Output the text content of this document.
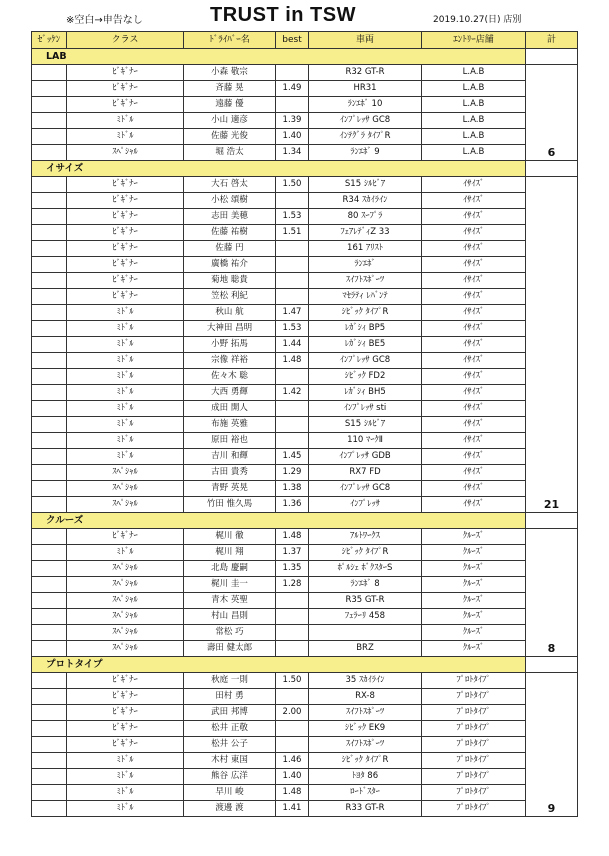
※空白→申告なし	TRUST in TSW	2019.10.27(日) 店別
ｾﾞｯｹﾝ	クラス	ﾄﾞﾗｲﾊﾞｰ名	best	車両	ｴﾝﾄﾘｰ店舗	計
LAB						
	ﾋﾞｷﾞﾅｰ	小森 敬宗		R32 GT-R	L.A.B	6
	ﾋﾞｷﾞﾅｰ	斉藤 晃	1.49	HR31	L.A.B	
	ﾋﾞｷﾞﾅｰ	遠藤 優		ﾗﾝｴﾎﾞ 10	L.A.B	
	ﾐﾄﾞﾙ	小山 適彦	1.39	ｲﾝﾌﾟﾚｯｻ GC8	L.A.B	
	ﾐﾄﾞﾙ	佐藤 光俊	1.40	ｲﾝﾃｸﾞﾗ ﾀｲﾌﾟR	L.A.B	
	ｽﾍﾟｼｬﾙ	堀 浩太	1.34	ﾗﾝｴﾎﾞ 9	L.A.B	
イサイズ						
	ﾋﾞｷﾞﾅｰ	大石 啓太	1.50	S15 ｼﾙﾋﾞｱ	ｲｻｲｽﾞ	21
	ﾋﾞｷﾞﾅｰ	小松 頌樹		R34 ｽｶｲﾗｲﾝ	ｲｻｲｽﾞ	
	ﾋﾞｷﾞﾅｰ	志田 美穂	1.53	80 ｽｰﾌﾟﾗ	ｲｻｲｽﾞ	
	ﾋﾞｷﾞﾅｰ	佐藤 祐樹	1.51	ﾌｪｱﾚﾃﾞｨZ 33	ｲｻｲｽﾞ	
	ﾋﾞｷﾞﾅｰ	佐藤 円		161 ｱﾘｽﾄ	ｲｻｲｽﾞ	
	ﾋﾞｷﾞﾅｰ	廣橋 祐介		ﾗﾝｴﾎﾞ	ｲｻｲｽﾞ	
	ﾋﾞｷﾞﾅｰ	菊地 聡貴		ｽｲﾌﾄｽﾎﾟｰﾂ	ｲｻｲｽﾞ	
	ﾋﾞｷﾞﾅｰ	笠松 利紀		ﾏｾﾗﾃｨ ﾚﾊﾞﾝﾃ	ｲｻｲｽﾞ	
	ﾐﾄﾞﾙ	秋山 航	1.47	ｼﾋﾞｯｸ ﾀｲﾌﾟR	ｲｻｲｽﾞ	
	ﾐﾄﾞﾙ	大神田 昌明	1.53	ﾚｶﾞｼｨ BP5	ｲｻｲｽﾞ	
	ﾐﾄﾞﾙ	小野 拓馬	1.44	ﾚｶﾞｼｨ BE5	ｲｻｲｽﾞ	
	ﾐﾄﾞﾙ	宗像 祥裕	1.48	ｲﾝﾌﾟﾚｯｻ GC8	ｲｻｲｽﾞ	
	ﾐﾄﾞﾙ	佐々木 聡		ｼﾋﾞｯｸ FD2	ｲｻｲｽﾞ	
	ﾐﾄﾞﾙ	大西 勇輝	1.42	ﾚｶﾞｼｨ BH5	ｲｻｲｽﾞ	
	ﾐﾄﾞﾙ	成田 開人		ｲﾝﾌﾟﾚｯｻ sti	ｲｻｲｽﾞ	
	ﾐﾄﾞﾙ	布施 英雅		S15 ｼﾙﾋﾞｱ	ｲｻｲｽﾞ	
	ﾐﾄﾞﾙ	原田 裕也		110 ﾏｰｸⅡ	ｲｻｲｽﾞ	
	ﾐﾄﾞﾙ	吉川 和輝	1.45	ｲﾝﾌﾟﾚｯｻ GDB	ｲｻｲｽﾞ	
	ｽﾍﾟｼｬﾙ	古田 貴秀	1.29	RX7 FD	ｲｻｲｽﾞ	
	ｽﾍﾟｼｬﾙ	青野 英晃	1.38	ｲﾝﾌﾟﾚｯｻ GC8	ｲｻｲｽﾞ	
	ｽﾍﾟｼｬﾙ	竹田 惟久馬	1.36	ｲﾝﾌﾟﾚｯｻ	ｲｻｲｽﾞ	
クルーズ						
	ﾋﾞｷﾞﾅｰ	梶川 徹	1.48	ｱﾙﾄﾜｰｸｽ	ｸﾙｰｽﾞ	8
	ﾐﾄﾞﾙ	梶川 翔	1.37	ｼﾋﾞｯｸ ﾀｲﾌﾟR	ｸﾙｰｽﾞ	
	ｽﾍﾟｼｬﾙ	北島 慶嗣	1.35	ﾎﾟﾙｼｪ ﾎﾞｸｽﾀｰS	ｸﾙｰｽﾞ	
	ｽﾍﾟｼｬﾙ	梶川 圭一	1.28	ﾗﾝｴﾎﾞ 8	ｸﾙｰｽﾞ	
	ｽﾍﾟｼｬﾙ	青木 英聖		R35 GT-R	ｸﾙｰｽﾞ	
	ｽﾍﾟｼｬﾙ	村山 昌則		ﾌｪﾗｰﾘ 458	ｸﾙｰｽﾞ	
	ｽﾍﾟｼｬﾙ	常松 巧			ｸﾙｰｽﾞ	
	ｽﾍﾟｼｬﾙ	壽田 健太郎		BRZ	ｸﾙｰｽﾞ	
プロトタイプ						
	ﾋﾞｷﾞﾅｰ	秋庭 一則	1.50	35 ｽｶｲﾗｲﾝ	ﾌﾟﾛﾄﾀｲﾌﾟ	9
	ﾋﾞｷﾞﾅｰ	田村 勇		RX-8	ﾌﾟﾛﾄﾀｲﾌﾟ	
	ﾋﾞｷﾞﾅｰ	武田 邦博	2.00	ｽｲﾌﾄｽﾎﾟｰﾂ	ﾌﾟﾛﾄﾀｲﾌﾟ	
	ﾋﾞｷﾞﾅｰ	松井 正敬		ｼﾋﾞｯｸ EK9	ﾌﾟﾛﾄﾀｲﾌﾟ	
	ﾋﾞｷﾞﾅｰ	松井 公子		ｽｲﾌﾄｽﾎﾟｰﾂ	ﾌﾟﾛﾄﾀｲﾌﾟ	
	ﾐﾄﾞﾙ	木村 東国	1.46	ｼﾋﾞｯｸ ﾀｲﾌﾟR	ﾌﾟﾛﾄﾀｲﾌﾟ	
	ﾐﾄﾞﾙ	熊谷 広洋	1.40	ﾄﾖﾀ 86	ﾌﾟﾛﾄﾀｲﾌﾟ	
	ﾐﾄﾞﾙ	早川 峻	1.48	ﾛｰﾄﾞｽﾀｰ	ﾌﾟﾛﾄﾀｲﾌﾟ	
	ﾐﾄﾞﾙ	渡邊 渡	1.41	R33 GT-R	ﾌﾟﾛﾄﾀｲﾌﾟ	
